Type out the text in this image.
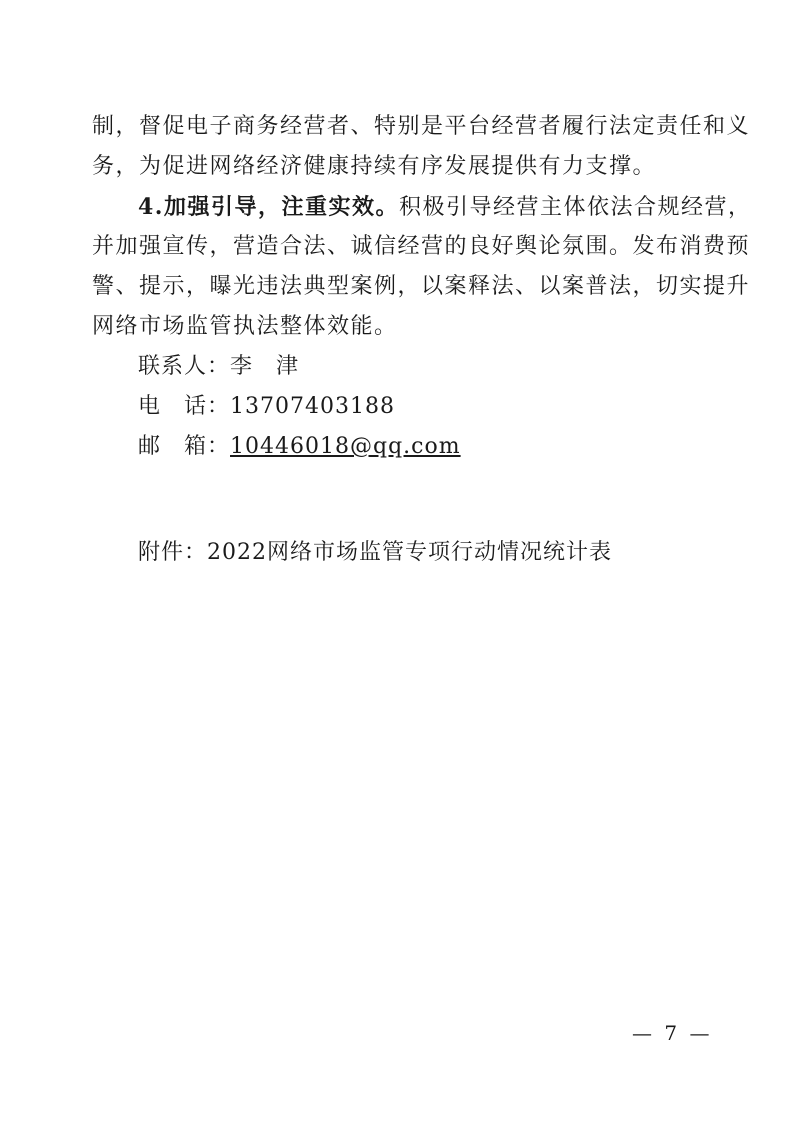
制，督促电子商务经营者、特别是平台经营者履行法定责任和义
务，为促进网络经济健康持续有序发展提供有力支撑。
4.加强引导，注重实效。积极引导经营主体依法合规经营，
并加强宣传，营造合法、诚信经营的良好舆论氛围。发布消费预
警、提示，曝光违法典型案例，以案释法、以案普法，切实提升
网络市场监管执法整体效能。
联系人：李　津
电　话：13707403188
邮　箱：10446018@qq.com
附件：2022网络市场监管专项行动情况统计表
— 7 —
